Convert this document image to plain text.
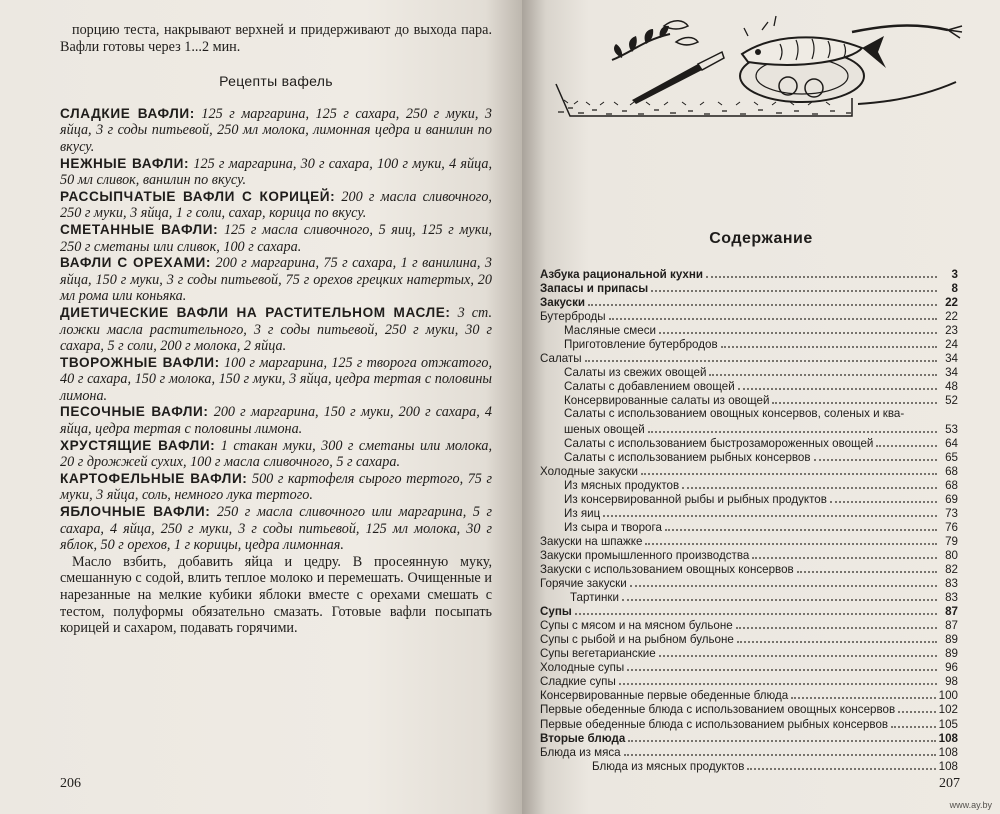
порцию теста, накрывают верхней и придерживают до выхода пара. Вафли готовы через 1...2 мин.

Рецепты вафель

СЛАДКИЕ ВАФЛИ: 125 г маргарина, 125 г сахара, 250 г муки, 3 яйца, 3 г соды питьевой, 250 мл молока, лимонная цедра и ванилин по вкусу.

НЕЖНЫЕ ВАФЛИ: 125 г маргарина, 30 г сахара, 100 г муки, 4 яйца, 50 мл сливок, ванилин по вкусу.

РАССЫПЧАТЫЕ ВАФЛИ С КОРИЦЕЙ: 200 г масла сливочного, 250 г муки, 3 яйца, 1 г соли, сахар, корица по вкусу.

СМЕТАННЫЕ ВАФЛИ: 125 г масла сливочного, 5 яиц, 125 г муки, 250 г сметаны или сливок, 100 г сахара.

ВАФЛИ С ОРЕХАМИ: 200 г маргарина, 75 г сахара, 1 г ванилина, 3 яйца, 150 г муки, 3 г соды питьевой, 75 г орехов грецких натертых, 20 мл рома или коньяка.

ДИЕТИЧЕСКИЕ ВАФЛИ НА РАСТИТЕЛЬНОМ МАСЛЕ: 3 ст. ложки масла растительного, 3 г соды питьевой, 250 г муки, 30 г сахара, 5 г соли, 200 г молока, 2 яйца.

ТВОРОЖНЫЕ ВАФЛИ: 100 г маргарина, 125 г творога отжатого, 40 г сахара, 150 г молока, 150 г муки, 3 яйца, цедра тертая с половины лимона.

ПЕСОЧНЫЕ ВАФЛИ: 200 г маргарина, 150 г муки, 200 г сахара, 4 яйца, цедра тертая с половины лимона.

ХРУСТЯЩИЕ ВАФЛИ: 1 стакан муки, 300 г сметаны или молока, 20 г дрожжей сухих, 100 г масла сливочного, 5 г сахара.

КАРТОФЕЛЬНЫЕ ВАФЛИ: 500 г картофеля сырого тертого, 75 г муки, 3 яйца, соль, немного лука тертого.

ЯБЛОЧНЫЕ ВАФЛИ: 250 г масла сливочного или маргарина, 5 г сахара, 4 яйца, 250 г муки, 3 г соды питьевой, 125 мл молока, 30 г яблок, 50 г орехов, 1 г корицы, цедра лимонная.

Масло взбить, добавить яйца и цедру. В просеянную муку, смешанную с содой, влить теплое молоко и перемешать. Очищенные и нарезанные на мелкие кубики яблоки вместе с орехами смешать с тестом, полуформы обязательно смазать. Готовые вафли посыпать корицей и сахаром, подавать горячими.

206
Содержание
Азбука рациональной кухни	3
Запасы и припасы	8
Закуски	22
Бутерброды	22
Масляные смеси	23
Приготовление бутербродов	24
Салаты	34
Салаты из свежих овощей	34
Салаты с добавлением овощей	48
Консервированные салаты из овощей	52
Салаты с использованием овощных консервов, соленых и ква-
шеных овощей	53
Салаты с использованием быстрозамороженных овощей	64
Салаты с использованием рыбных консервов	65
Холодные закуски	68
Из мясных продуктов	68
Из консервированной рыбы и рыбных продуктов	69
Из яиц	73
Из сыра и творога	76
Закуски на шпажке	79
Закуски промышленного производства	80
Закуски с использованием овощных консервов	82
Горячие закуски	83
Тартинки	83
Супы	87
Супы с мясом и на мясном бульоне	87
Супы с рыбой и на рыбном бульоне	89
Супы вегетарианские	89
Холодные супы	96
Сладкие супы	98
Консервированные первые обеденные блюда	100
Первые обеденные блюда с использованием овощных консервов	102
Первые обеденные блюда с использованием рыбных консервов	105
Вторые блюда	108
Блюда из мяса	108
Блюда из мясных продуктов	108
207
www.ay.by
